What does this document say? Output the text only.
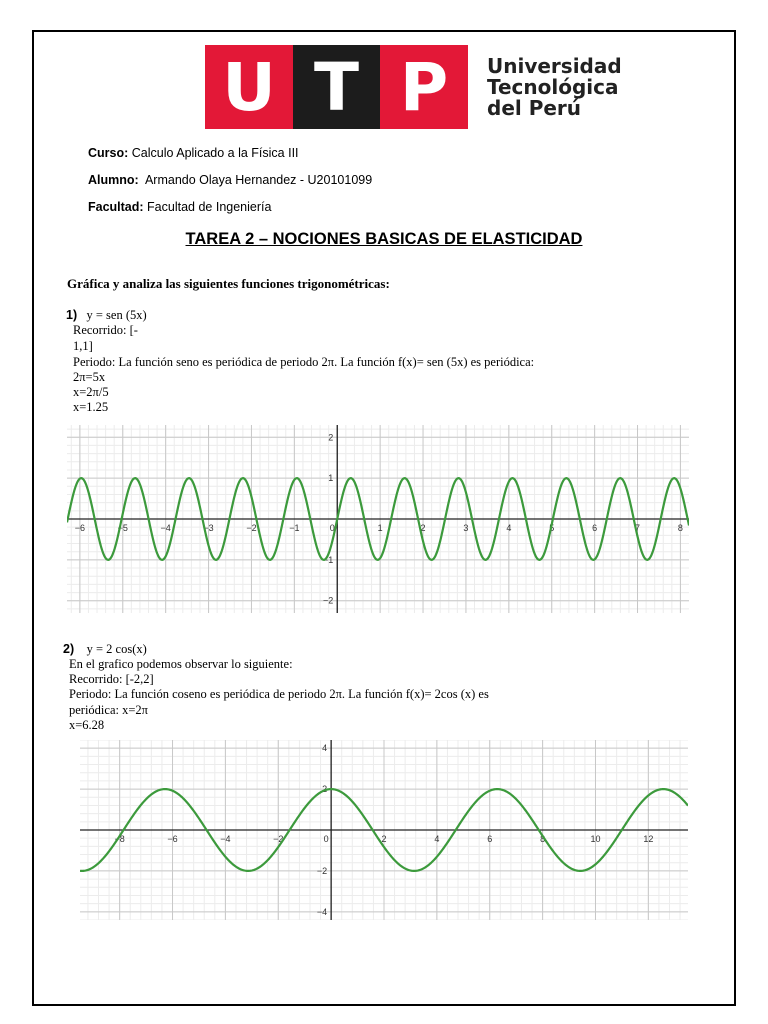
U T P	Universidad
Tecnológica
del Perú
Curso: Calculo Aplicado a la Física III
Alumno: Armando Olaya Hernandez - U20101099
Facultad: Facultad de Ingeniería
TAREA 2 – NOCIONES BASICAS DE ELASTICIDAD
Gráfica y analiza las siguientes funciones trigonométricas:
1) y = sen (5x)
Recorrido: [-
1,1]
Periodo: La función seno es periódica de periodo 2π. La función f(x)= sen (5x) es periódica:
2π=5x
x=2π/5
x=1.25
−6	−5	−4	−3	−2	−1	0	1	2	3	4	5	6	7	8
−2
−1
1
2
2) y = 2 cos(x)
En el grafico podemos observar lo siguiente:
Recorrido: [-2,2]
Periodo: La función coseno es periódica de periodo 2π. La función f(x)= 2cos (x) es
periódica: x=2π
x=6.28
−8	−6	−4	−2	0	2	4	6	8	10	12
−4
−2
2
4
